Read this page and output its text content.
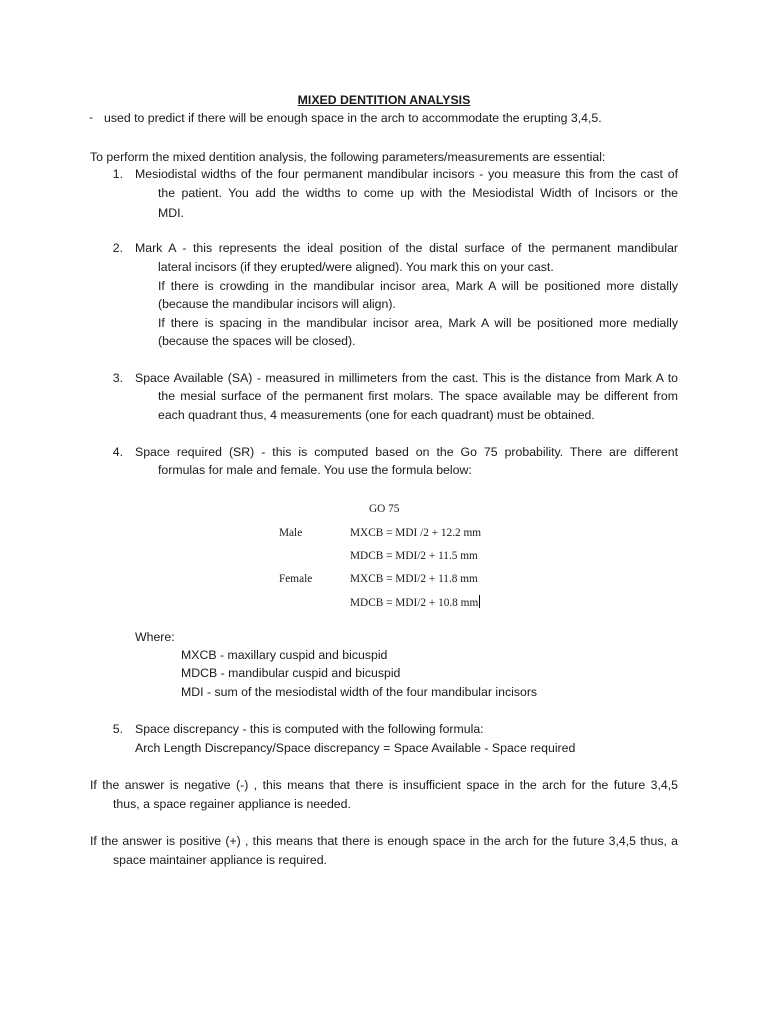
MIXED DENTITION ANALYSIS
- used to predict if there will be enough space in the arch to accommodate the erupting 3,4,5.
To perform the mixed dentition analysis, the following parameters/measurements are essential:
1. Mesiodistal widths of the four permanent mandibular incisors - you measure this from the cast of
the patient. You add the widths to come up with the Mesiodistal Width of Incisors or the
MDI.
2. Mark A - this represents the ideal position of the distal surface of the permanent mandibular
lateral incisors (if they erupted/were aligned). You mark this on your cast.
If there is crowding in the mandibular incisor area, Mark A will be positioned more distally
(because the mandibular incisors will align).
If there is spacing in the mandibular incisor area, Mark A will be positioned more medially
(because the spaces will be closed).
3. Space Available (SA) - measured in millimeters from the cast. This is the distance from Mark A to
the mesial surface of the permanent first molars. The space available may be different from
each quadrant thus, 4 measurements (one for each quadrant) must be obtained.
4. Space required (SR) - this is computed based on the Go 75 probability. There are different
formulas for male and female. You use the formula below:
GO 75
Male	MXCB = MDI /2 + 12.2 mm
MDCB = MDI/2 + 11.5 mm
Female	MXCB = MDI/2 + 11.8 mm
MDCB = MDI/2 + 10.8 mm
Where:
MXCB - maxillary cuspid and bicuspid
MDCB - mandibular cuspid and bicuspid
MDI - sum of the mesiodistal width of the four mandibular incisors
5. Space discrepancy - this is computed with the following formula:
Arch Length Discrepancy/Space discrepancy = Space Available - Space required
If the answer is negative (-) , this means that there is insufficient space in the arch for the future 3,4,5
thus, a space regainer appliance is needed.
If the answer is positive (+) , this means that there is enough space in the arch for the future 3,4,5 thus, a
space maintainer appliance is required.
